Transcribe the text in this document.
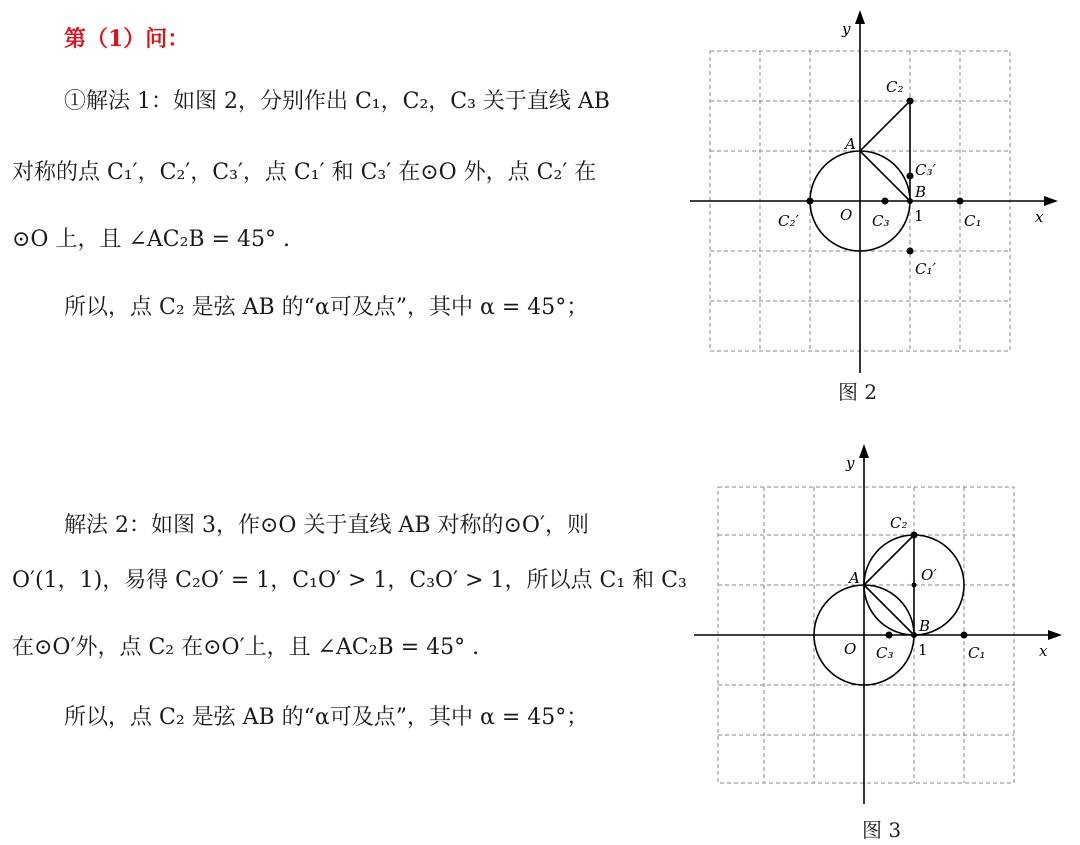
第（1）问：
①解法 1：如图 2，分别作出 C₁，C₂，C₃ 关于直线 AB
对称的点 C₁′，C₂′，C₃′，点 C₁′ 和 C₃′ 在⊙O 外，点 C₂′ 在
⊙O 上，且 ∠AC₂B = 45° .
所以，点 C₂ 是弦 AB 的“α可及点”，其中 α = 45°；
解法 2：如图 3，作⊙O 关于直线 AB 对称的⊙O′，则
O′(1，1)，易得 C₂O′ = 1，C₁O′ > 1，C₃O′ > 1，所以点 C₁ 和 C₃
在⊙O′外，点 C₂ 在⊙O′上，且 ∠AC₂B = 45° .
所以，点 C₂ 是弦 AB 的“α可及点”，其中 α = 45°；
y
x
O
A
B
1
C₂
C₃′
C₂′	C₃	C₁
C₁′
图 2
y
x
O
A
B
1
C₂
O′
C₃	C₁
图 3
